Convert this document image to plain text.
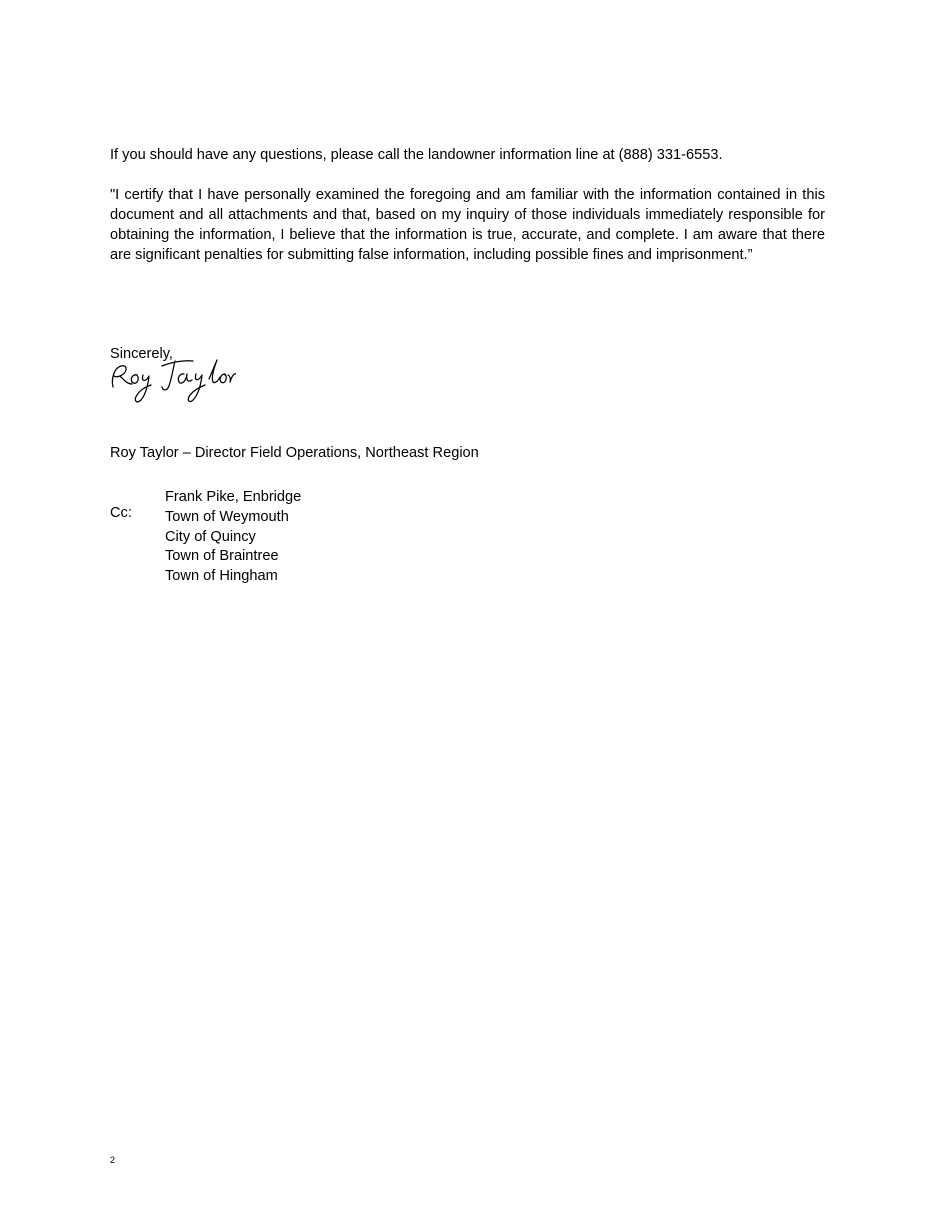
If you should have any questions, please call the landowner information line at (888) 331-6553.

"I certify that I have personally examined the foregoing and am familiar with the information contained in this document and all attachments and that, based on my inquiry of those individuals immediately responsible for obtaining the information, I believe that the information is true, accurate, and complete. I am aware that there are significant penalties for submitting false information, including possible fines and imprisonment.”

Sincerely,

Roy Taylor – Director Field Operations, Northeast Region

Cc:

Frank Pike, Enbridge
Town of Weymouth
City of Quincy
Town of Braintree
Town of Hingham
2
